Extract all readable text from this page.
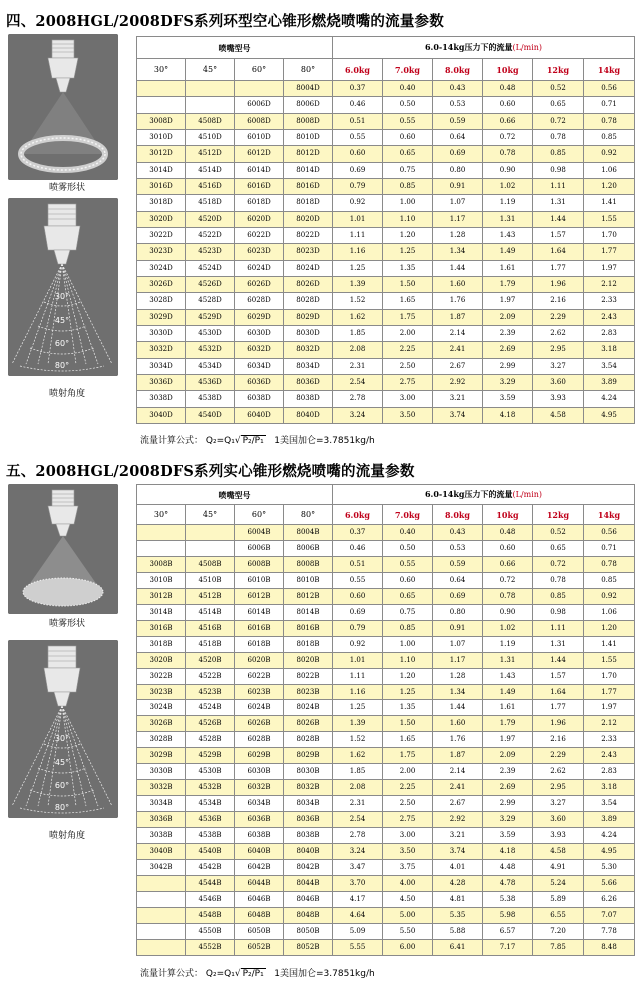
四、2008HGL/2008DFS系列环型空心锥形燃烧喷嘴的流量参数
喷雾形状
30°
45°
60°
80°
喷射角度
喷嘴型号				6.0-14kg压力下的流量(L/min)					
30°	45°	60°	80°	6.0kg	7.0kg	8.0kg	10kg	12kg	14kg
			8004D	0.37	0.40	0.43	0.48	0.52	0.56
		6006D	8006D	0.46	0.50	0.53	0.60	0.65	0.71
3008D	4508D	6008D	8008D	0.51	0.55	0.59	0.66	0.72	0.78
3010D	4510D	6010D	8010D	0.55	0.60	0.64	0.72	0.78	0.85
3012D	4512D	6012D	8012D	0.60	0.65	0.69	0.78	0.85	0.92
3014D	4514D	6014D	8014D	0.69	0.75	0.80	0.90	0.98	1.06
3016D	4516D	6016D	8016D	0.79	0.85	0.91	1.02	1.11	1.20
3018D	4518D	6018D	8018D	0.92	1.00	1.07	1.19	1.31	1.41
3020D	4520D	6020D	8020D	1.01	1.10	1.17	1.31	1.44	1.55
3022D	4522D	6022D	8022D	1.11	1.20	1.28	1.43	1.57	1.70
3023D	4523D	6023D	8023D	1.16	1.25	1.34	1.49	1.64	1.77
3024D	4524D	6024D	8024D	1.25	1.35	1.44	1.61	1.77	1.97
3026D	4526D	6026D	8026D	1.39	1.50	1.60	1.79	1.96	2.12
3028D	4528D	6028D	8028D	1.52	1.65	1.76	1.97	2.16	2.33
3029D	4529D	6029D	8029D	1.62	1.75	1.87	2.09	2.29	2.43
3030D	4530D	6030D	8030D	1.85	2.00	2.14	2.39	2.62	2.83
3032D	4532D	6032D	8032D	2.08	2.25	2.41	2.69	2.95	3.18
3034D	4534D	6034D	8034D	2.31	2.50	2.67	2.99	3.27	3.54
3036D	4536D	6036D	8036D	2.54	2.75	2.92	3.29	3.60	3.89
3038D	4538D	6038D	8038D	2.78	3.00	3.21	3.59	3.93	4.24
3040D	4540D	6040D	8040D	3.24	3.50	3.74	4.18	4.58	4.95
流量计算公式： Q₂=Q₁√ P₂/P₁ 1美国加仑=3.7851kg/h
五、2008HGL/2008DFS系列实心锥形燃烧喷嘴的流量参数
喷雾形状
30°
45°
60°
80°
喷射角度
喷嘴型号				6.0-14kg压力下的流量(L/min)					
30°	45°	60°	80°	6.0kg	7.0kg	8.0kg	10kg	12kg	14kg
		6004B	8004B	0.37	0.40	0.43	0.48	0.52	0.56
		6006B	8006B	0.46	0.50	0.53	0.60	0.65	0.71
3008B	4508B	6008B	8008B	0.51	0.55	0.59	0.66	0.72	0.78
3010B	4510B	6010B	8010B	0.55	0.60	0.64	0.72	0.78	0.85
3012B	4512B	6012B	8012B	0.60	0.65	0.69	0.78	0.85	0.92
3014B	4514B	6014B	8014B	0.69	0.75	0.80	0.90	0.98	1.06
3016B	4516B	6016B	8016B	0.79	0.85	0.91	1.02	1.11	1.20
3018B	4518B	6018B	8018B	0.92	1.00	1.07	1.19	1.31	1.41
3020B	4520B	6020B	8020B	1.01	1.10	1.17	1.31	1.44	1.55
3022B	4522B	6022B	8022B	1.11	1.20	1.28	1.43	1.57	1.70
3023B	4523B	6023B	8023B	1.16	1.25	1.34	1.49	1.64	1.77
3024B	4524B	6024B	8024B	1.25	1.35	1.44	1.61	1.77	1.97
3026B	4526B	6026B	8026B	1.39	1.50	1.60	1.79	1.96	2.12
3028B	4528B	6028B	8028B	1.52	1.65	1.76	1.97	2.16	2.33
3029B	4529B	6029B	8029B	1.62	1.75	1.87	2.09	2.29	2.43
3030B	4530B	6030B	8030B	1.85	2.00	2.14	2.39	2.62	2.83
3032B	4532B	6032B	8032B	2.08	2.25	2.41	2.69	2.95	3.18
3034B	4534B	6034B	8034B	2.31	2.50	2.67	2.99	3.27	3.54
3036B	4536B	6036B	8036B	2.54	2.75	2.92	3.29	3.60	3.89
3038B	4538B	6038B	8038B	2.78	3.00	3.21	3.59	3.93	4.24
3040B	4540B	6040B	8040B	3.24	3.50	3.74	4.18	4.58	4.95
3042B	4542B	6042B	8042B	3.47	3.75	4.01	4.48	4.91	5.30
	4544B	6044B	8044B	3.70	4.00	4.28	4.78	5.24	5.66
	4546B	6046B	8046B	4.17	4.50	4.81	5.38	5.89	6.26
	4548B	6048B	8048B	4.64	5.00	5.35	5.98	6.55	7.07
	4550B	6050B	8050B	5.09	5.50	5.88	6.57	7.20	7.78
	4552B	6052B	8052B	5.55	6.00	6.41	7.17	7.85	8.48
流量计算公式： Q₂=Q₁√ P₂/P₁ 1美国加仑=3.7851kg/h
